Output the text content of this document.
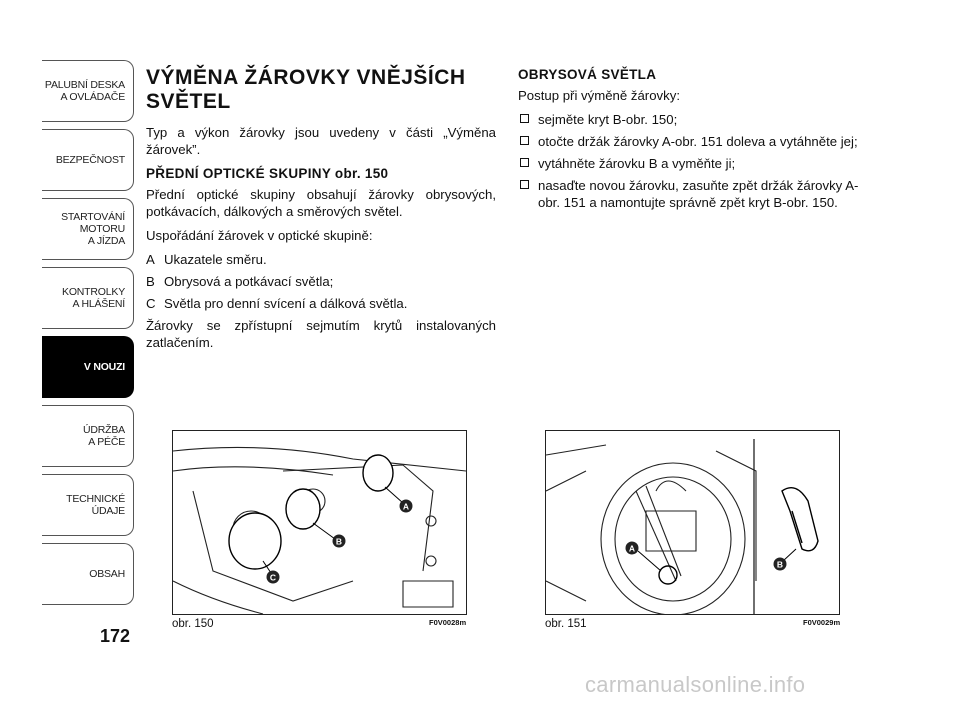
PALUBNÍ DESKA
A OVLÁDAČE
BEZPEČNOST
STARTOVÁNÍ
MOTORU
A JÍZDA
KONTROLKY
A HLÁŠENÍ
V NOUZI
ÚDRŽBA
A PÉČE
TECHNICKÉ
ÚDAJE
OBSAH
172
VÝMĚNA ŽÁROVKY VNĚJŠÍCH SVĚTEL

Typ a výkon žárovky jsou uvedeny v části „Výměna žárovek”.

PŘEDNÍ OPTICKÉ SKUPINY obr. 150

Přední optické skupiny obsahují žárovky obrysových, potkávacích, dálkových a směrových světel.

Uspořádání žárovek v optické skupině:

A Ukazatele směru.
B Obrysová a potkávací světla;
C Světla pro denní svícení a dálková světla.

Žárovky se zpřístupní sejmutím krytů instalovaných zatlačením.

OBRYSOVÁ SVĚTLA

Postup při výměně žárovky:

sejměte kryt B-obr. 150;
otočte držák žárovky A-obr. 151 doleva a vytáhněte jej;
vytáhněte žárovku B a vyměňte ji;
nasaďte novou žárovku, zasuňte zpět držák žárovky A-obr. 151 a namontujte správně zpět kryt B-obr. 150.
A
B
C
obr. 150	F0V0028m
A
B
obr. 151	F0V0029m
carmanualsonline.info
